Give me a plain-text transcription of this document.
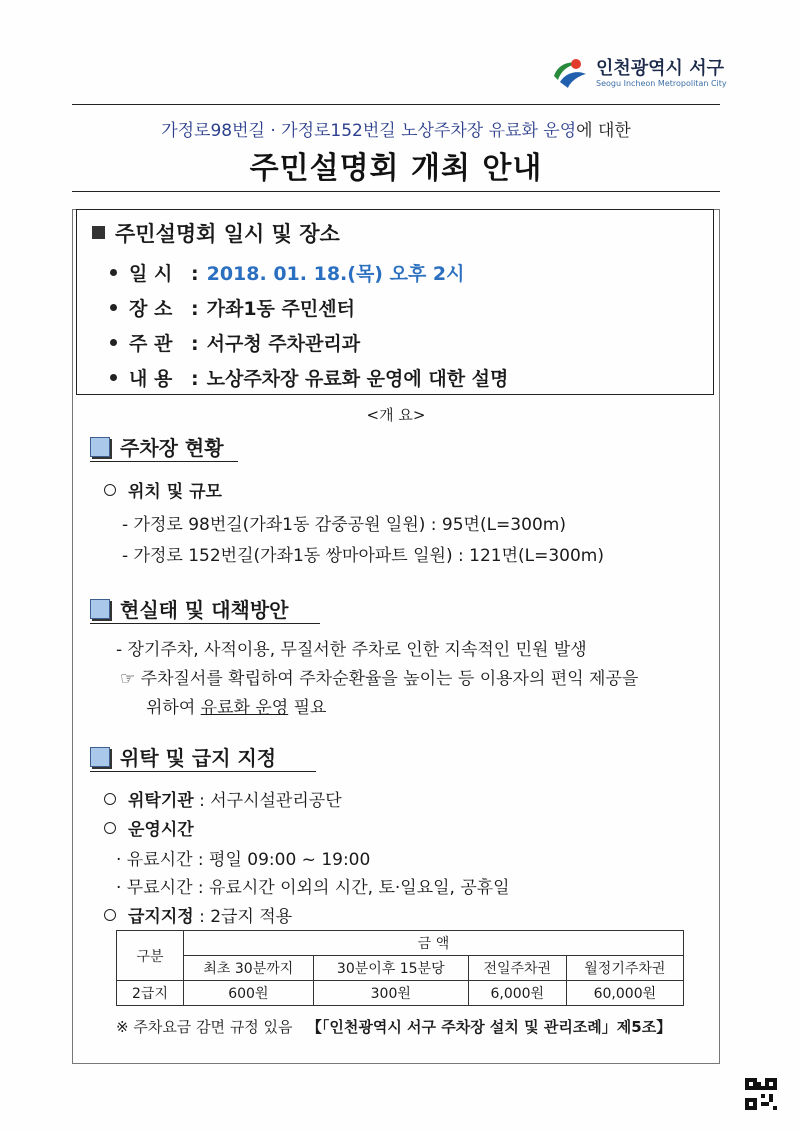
인천광역시 서구
Seogu Incheon Metropolitan City
가정로98번길 · 가정로152번길 노상주차장 유료화 운영에 대한
주민설명회 개최 안내
주민설명회 일시 및 장소
일 시 : 2018. 01. 18.(목) 오후 2시
장 소 : 가좌1동 주민센터
주 관 : 서구청 주차관리과
내 용 : 노상주차장 유료화 운영에 대한 설명
<개 요>
주차장 현황
위치 및 규모
- 가정로 98번길(가좌1동 감중공원 일원) : 95면(L=300m)
- 가정로 152번길(가좌1동 쌍마아파트 일원) : 121면(L=300m)
현실태 및 대책방안
- 장기주차, 사적이용, 무질서한 주차로 인한 지속적인 민원 발생
☞ 주차질서를 확립하여 주차순환율을 높이는 등 이용자의 편익 제공을
위하여 유료화 운영 필요
위탁 및 급지 지정
위탁기관 : 서구시설관리공단
운영시간
· 유료시간 : 평일 09:00 ~ 19:00
· 무료시간 : 유료시간 이외의 시간, 토·일요일, 공휴일
급지지정 : 2급지 적용
구분	금 액			
	최초 30분까지	30분이후 15분당	전일주차권	월정기주차권
2급지	600원	300원	6,000원	60,000원
※ 주차요금 감면 규정 있음 【「인천광역시 서구 주차장 설치 및 관리조례」제5조】
